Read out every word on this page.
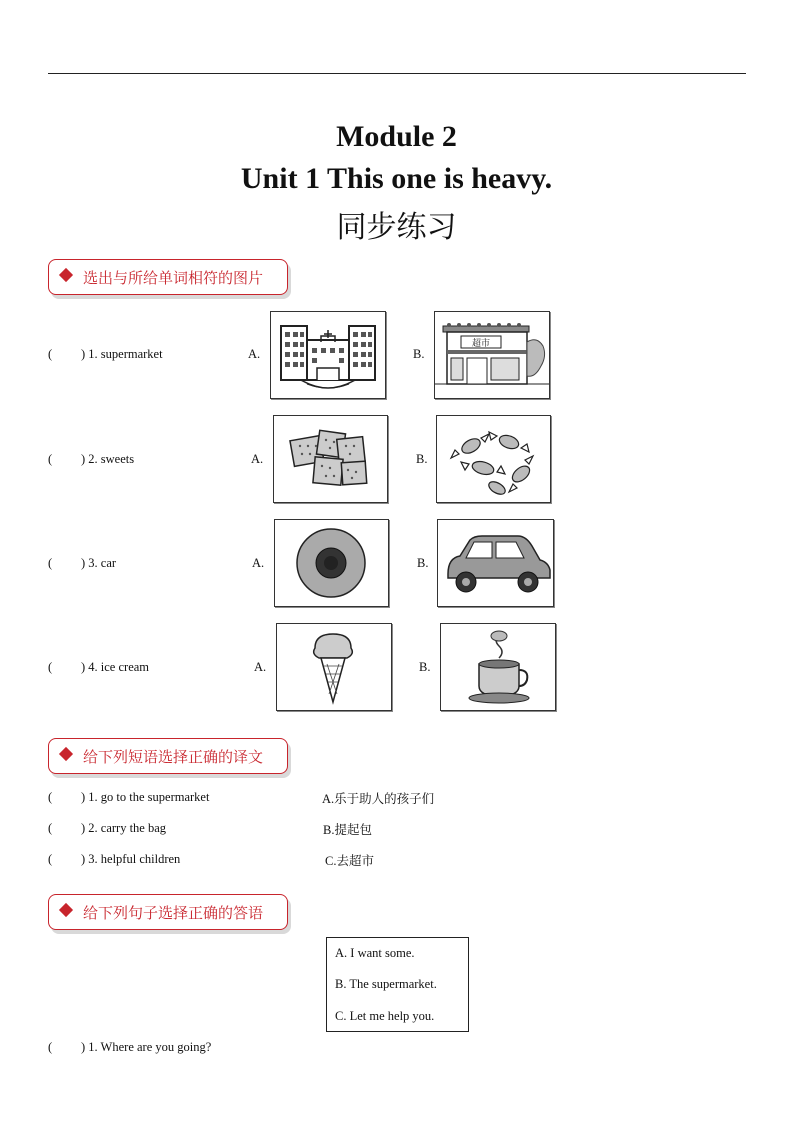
Module 2
Unit 1 This one is heavy.
同步练习
选出与所给单词相符的图片
( ) 1. supermarket	A.	B.
超市
( ) 2. sweets	A.	B.
( ) 3. car	A.	B.
( ) 4. ice cream	A.	B.
给下列短语选择正确的译文
( ) 1. go to the supermarket	A.乐于助人的孩子们
( ) 2. carry the bag	B.提起包
( ) 3. helpful children	C.去超市
给下列句子选择正确的答语
A. I want some.
B. The supermarket.
C. Let me help you.
( ) 1. Where are you going?
